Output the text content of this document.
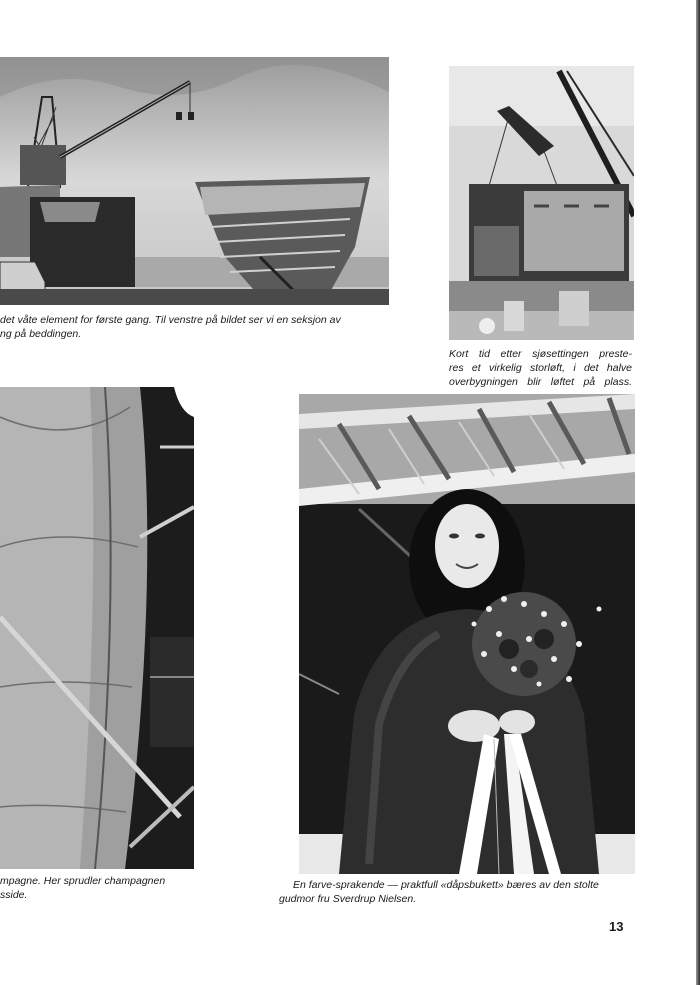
det våte element for første gang. Til venstre på bildet ser vi en seksjon av
ng på beddingen.

Kort tid etter sjøsettingen preste-
res et virkelig storløft, i det halve
overbygningen blir løftet på plass.

mpagne. Her sprudler champagnen
sside.

En farve-sprakende — praktfull «dåpsbukett» bæres av den stolte
gudmor fru Sverdrup Nielsen.

13
